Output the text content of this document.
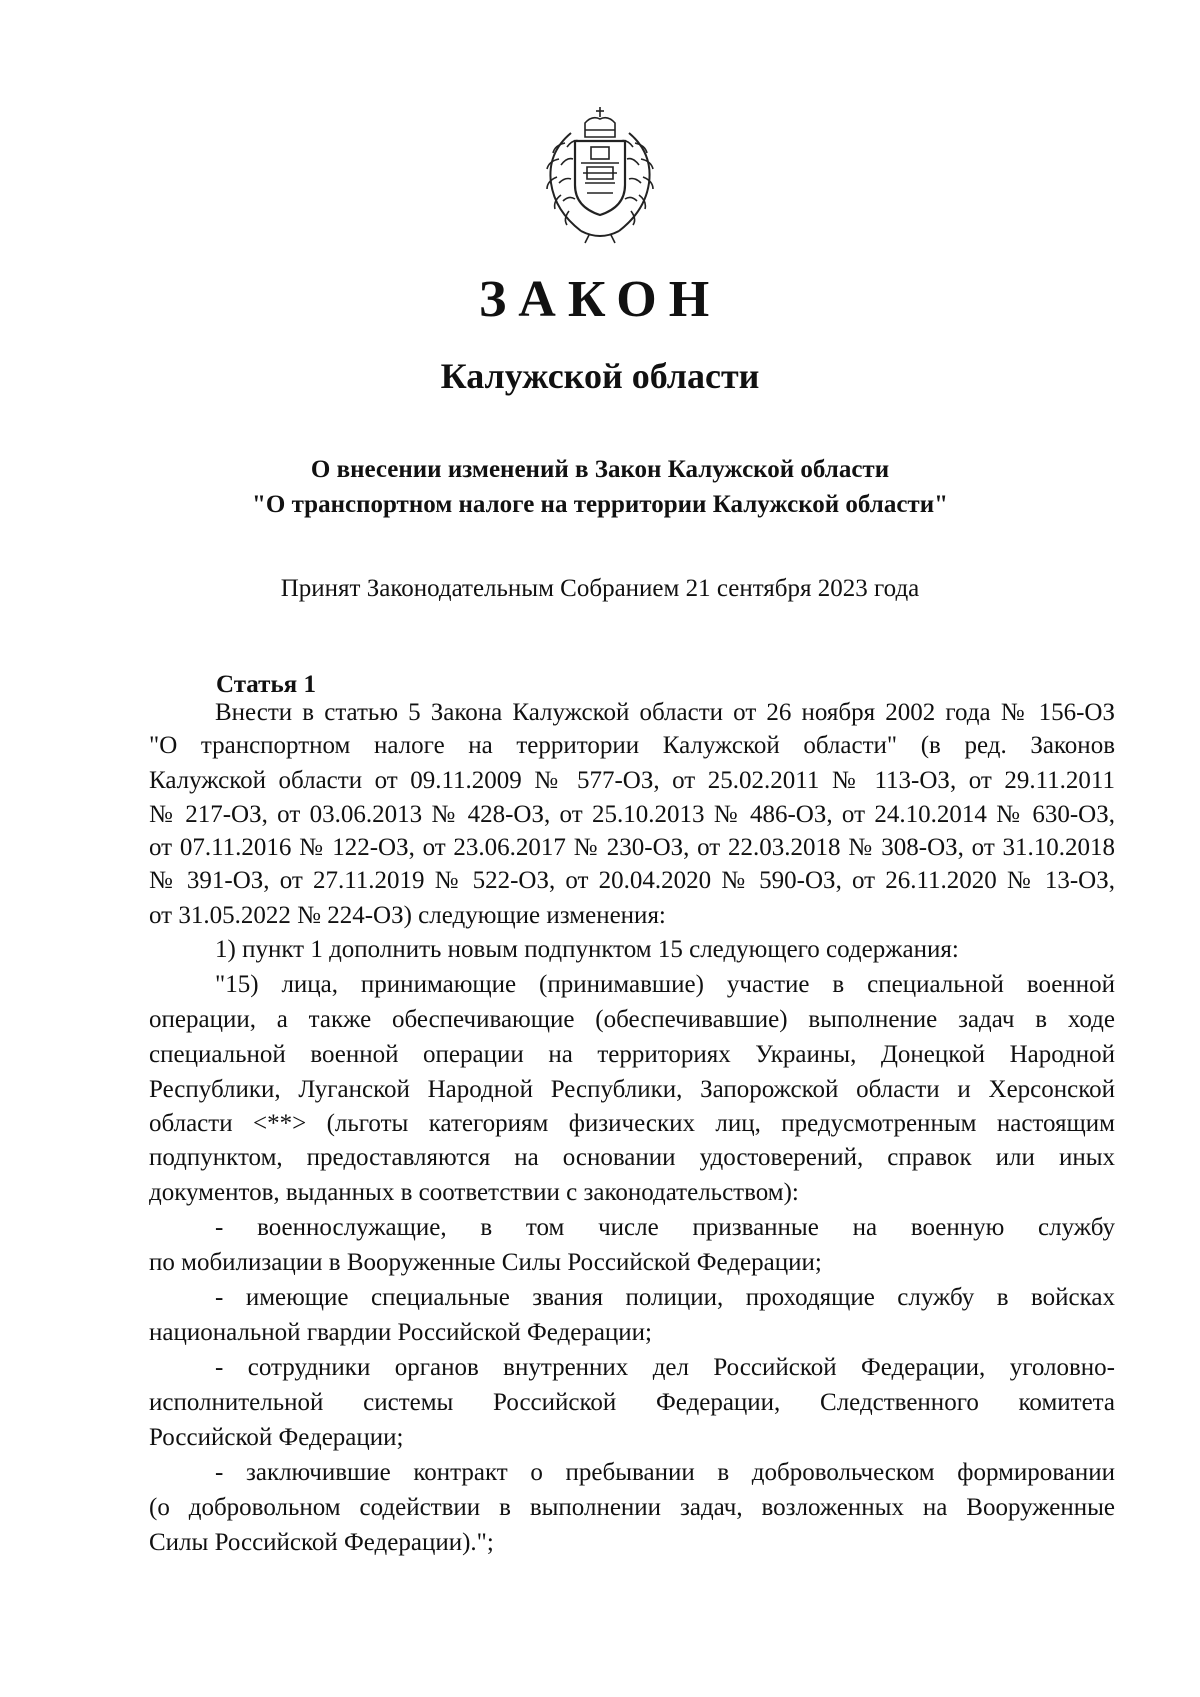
ЗАКОН
Калужской области
О внесении изменений в Закон Калужской области
"О транспортном налоге на территории Калужской области"
Принят Законодательным Собранием 21 сентября 2023 года
Статья 1
Внести в статью 5 Закона Калужской области от 26 ноября 2002 года № 156-ОЗ
"О транспортном налоге на территории Калужской области" (в ред. Законов
Калужской области от 09.11.2009 № 577-ОЗ, от 25.02.2011 № 113-ОЗ, от 29.11.2011
№ 217-ОЗ, от 03.06.2013 № 428-ОЗ, от 25.10.2013 № 486-ОЗ, от 24.10.2014 № 630-ОЗ,
от 07.11.2016 № 122-ОЗ, от 23.06.2017 № 230-ОЗ, от 22.03.2018 № 308-ОЗ, от 31.10.2018
№ 391-ОЗ, от 27.11.2019 № 522-ОЗ, от 20.04.2020 № 590-ОЗ, от 26.11.2020 № 13-ОЗ,
от 31.05.2022 № 224-ОЗ) следующие изменения:
1) пункт 1 дополнить новым подпунктом 15 следующего содержания:
"15) лица, принимающие (принимавшие) участие в специальной военной
операции, а также обеспечивающие (обеспечивавшие) выполнение задач в ходе
специальной военной операции на территориях Украины, Донецкой Народной
Республики, Луганской Народной Республики, Запорожской области и Херсонской
области <**> (льготы категориям физических лиц, предусмотренным настоящим
подпунктом, предоставляются на основании удостоверений, справок или иных
документов, выданных в соответствии с законодательством):
- военнослужащие, в том числе призванные на военную службу
по мобилизации в Вооруженные Силы Российской Федерации;
- имеющие специальные звания полиции, проходящие службу в войсках
национальной гвардии Российской Федерации;
- сотрудники органов внутренних дел Российской Федерации, уголовно-
исполнительной системы Российской Федерации, Следственного комитета
Российской Федерации;
- заключившие контракт о пребывании в добровольческом формировании
(о добровольном содействии в выполнении задач, возложенных на Вооруженные
Силы Российской Федерации).";
